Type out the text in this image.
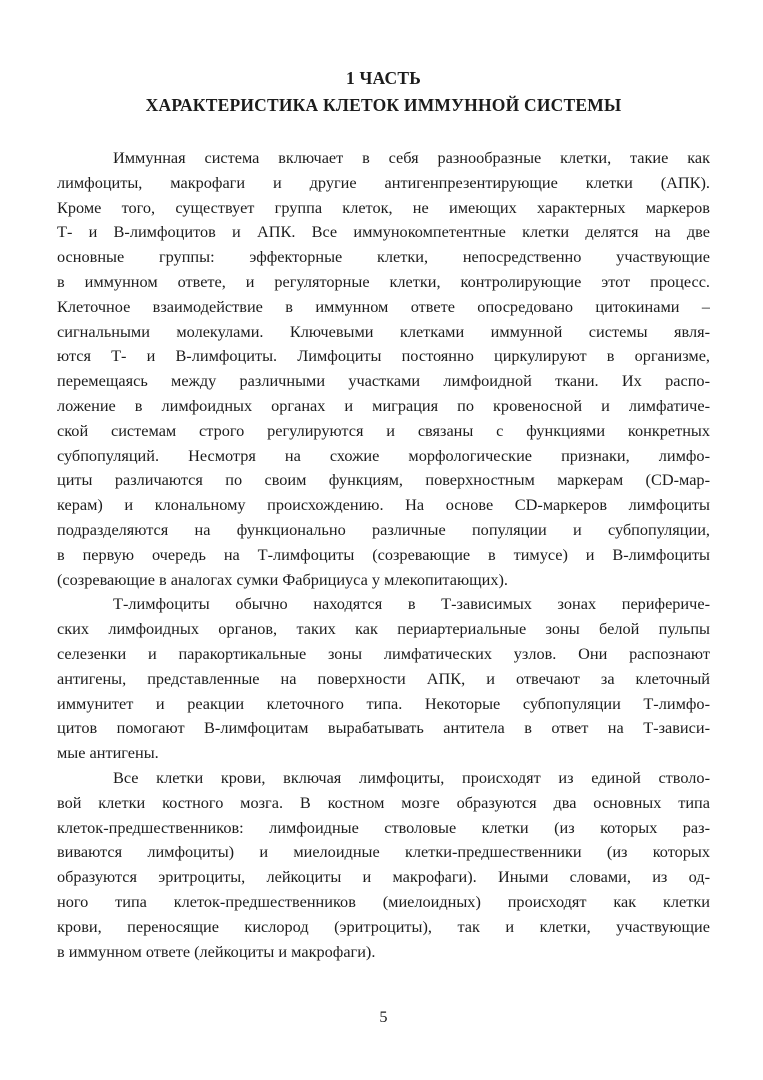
1 ЧАСТЬ
ХАРАКТЕРИСТИКА КЛЕТОК ИММУННОЙ СИСТЕМЫ
Иммунная система включает в себя разнообразные клетки, такие как
лимфоциты, макрофаги и другие антигенпрезентирующие клетки (АПК).
Кроме того, существует группа клеток, не имеющих характерных маркеров
Т- и В-лимфоцитов и АПК. Все иммунокомпетентные клетки делятся на две
основные группы: эффекторные клетки, непосредственно участвующие
в иммунном ответе, и регуляторные клетки, контролирующие этот процесс.
Клеточное взаимодействие в иммунном ответе опосредовано цитокинами –
сигнальными молекулами. Ключевыми клетками иммунной системы явля-
ются Т- и В-лимфоциты. Лимфоциты постоянно циркулируют в организме,
перемещаясь между различными участками лимфоидной ткани. Их распо-
ложение в лимфоидных органах и миграция по кровеносной и лимфатиче-
ской системам строго регулируются и связаны с функциями конкретных
субпопуляций. Несмотря на схожие морфологические признаки, лимфо-
циты различаются по своим функциям, поверхностным маркерам (CD-мар-
керам) и клональному происхождению. На основе CD-маркеров лимфоциты
подразделяются на функционально различные популяции и субпопуляции,
в первую очередь на Т-лимфоциты (созревающие в тимусе) и В-лимфоциты
(созревающие в аналогах сумки Фабрициуса у млекопитающих).
Т-лимфоциты обычно находятся в Т-зависимых зонах перифериче-
ских лимфоидных органов, таких как периартериальные зоны белой пульпы
селезенки и паракортикальные зоны лимфатических узлов. Они распознают
антигены, представленные на поверхности АПК, и отвечают за клеточный
иммунитет и реакции клеточного типа. Некоторые субпопуляции Т-лимфо-
цитов помогают В-лимфоцитам вырабатывать антитела в ответ на Т-зависи-
мые антигены.
Все клетки крови, включая лимфоциты, происходят из единой стволо-
вой клетки костного мозга. В костном мозге образуются два основных типа
клеток-предшественников: лимфоидные стволовые клетки (из которых раз-
виваются лимфоциты) и миелоидные клетки-предшественники (из которых
образуются эритроциты, лейкоциты и макрофаги). Иными словами, из од-
ного типа клеток-предшественников (миелоидных) происходят как клетки
крови, переносящие кислород (эритроциты), так и клетки, участвующие
в иммунном ответе (лейкоциты и макрофаги).
5
